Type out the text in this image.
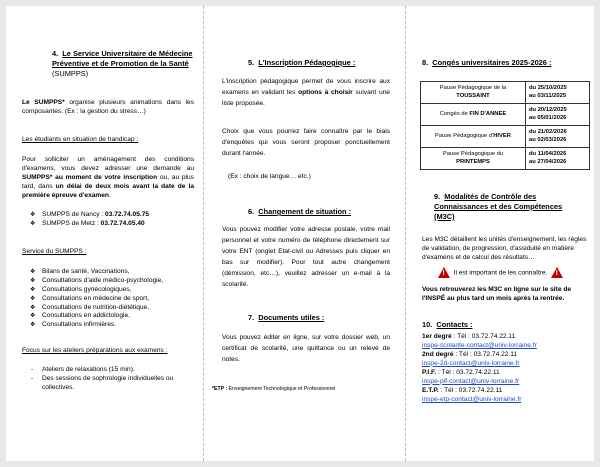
4. Le Service Universitaire de Médecine Préventive et de Promotion de la Santé (SUMPPS)

Le SUMPPS* organise plusieurs animations dans les composantes. (Ex : la gestion du stress…)

Les étudiants en situation de handicap :

Pour solliciter un aménagement des conditions d'examens, vous devez adresser une demande au SUMPPS* au moment de votre inscription ou, au plus tard, dans un délai de deux mois avant la date de la première épreuve d'examen.

❖ SUMPPS de Nancy : 03.72.74.05.75
❖ SUMPPS de Metz : 03.72.74.05.40

Service du SUMPPS :

❖ Bilans de santé, Vaccinations,
❖ Consultations d'aide médico-psychologie,
❖ Consultations gynécologiques,
❖ Consultations en médecine de sport,
❖ Consultations de nutrition-diététique,
❖ Consultations en addictologie,
❖ Consultations infirmières.

Focus sur les ateliers préparations aux examens :

- Ateliers de relaxations (15 min).
- Des sessions de sophrologie individuelles ou collectives.
5. L'Inscription Pédagogique :

L'inscription pédagogique permet de vous inscrire aux examens en validant les options à choisir suivant une liste proposée.

Choix que vous pourrez faire connaître par le biais d'enquêtes qui vous seront proposer ponctuellement durant l'année.

(Ex : choix de langue… etc.)

6. Changement de situation :

Vous pouvez modifier votre adresse postale, votre mail personnel et votre numéro de téléphone directement sur votre ENT (onglet Etat-civil ou Adresses puis cliquer en bas sur modifier). Pour tout autre changement (démission, etc…), veuillez adresser un e-mail à la scolarité.

7. Documents utiles :

Vous pouvez éditer en ligne, sur votre dossier web, un certificat de scolarité, une quittance ou un relevé de notes.

*ETP : Enseignement Technologique et Professionnel

8. Congés universitaires 2025-2026 :
Pause Pédagogique de la
TOUSSAINT	du 25/10/2025
au 03/11/2025
Congés de FIN D'ANNEE	du 20/12/2025
au 05/01/2026
Pause Pédagogique d'HIVER	du 21/02/2026
au 02/03/2026
Pause Pédagogique du
PRINTEMPS	du 11/04/2026
au 27/04/2026
9. Modalités de Contrôle des Connaissances et des Compétences (M3C)

Les M3C détaillent les unités d'enseignement, les règles de validation, de progression, d'assiduité en matière d'examens et de calcul des résultats…

!  Il est important de les connaître.  !

Vous retrouverez les M3C en ligne sur le site de l'INSPÉ au plus tard un mois après la rentrée.

10. Contacts :
1er degré : Tél : 03.72.74.22.11
inspe-scolarite-contact@univ-lorraine.fr
2nd degré : Tél : 03.72.74.22.11
inspe-2d-contact@univ-lorraine.fr
P.I.F. : Tél : 03.72.74.22.11
inspe-pif-contact@univ-lorraine.fr
E.T.P. : Tél : 03.72.74.22.11
inspe-etp-contact@univ-lorraine.fr
